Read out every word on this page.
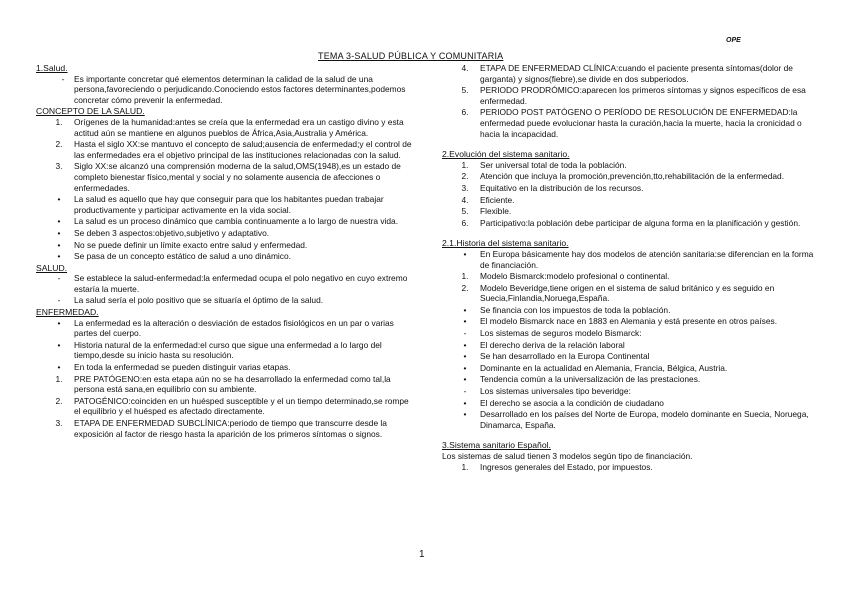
OPE
TEMA 3-SALUD PÚBLICA Y COMUNITARIA
1.Salud.
-	Es importante concretar qué elementos determinan la calidad de la salud de una persona,favoreciendo o perjudicando.Conociendo estos factores determinantes,podemos concretar cómo prevenir la enfermedad.
CONCEPTO DE LA SALUD.
1.	Orígenes de la humanidad:antes se creía que la enfermedad era un castigo divino y esta actitud aún se mantiene en algunos pueblos de África,Asia,Australia y América.
2.	Hasta el siglo XX:se mantuvo el concepto de salud;ausencia de enfermedad;y el control de las enfermedades era el objetivo principal de las instituciones relacionadas con la salud.
3.	Siglo XX:se alcanzó una comprensión moderna de la salud,OMS(1948),es un estado de completo bienestar físico,mental y social y no solamente ausencia de afecciones o enfermedades.
•	La salud es aquello que hay que conseguir para que los habitantes puedan trabajar productivamente y participar activamente en la vida social.
•	La salud es un proceso dinámico que cambia continuamente a lo largo de nuestra vida.
•	Se deben 3 aspectos:objetivo,subjetivo y adaptativo.
•	No se puede definir un límite exacto entre salud y enfermedad.
•	Se pasa de un concepto estático de salud a uno dinámico.
SALUD.
-	Se establece la salud-enfermedad:la enfermedad ocupa el polo negativo en cuyo extremo estaría la muerte.
-	La salud sería el polo positivo que se situaría el óptimo de la salud.
ENFERMEDAD.
•	La enfermedad es la alteración o desviación de estados fisiológicos en un par o varias partes del cuerpo.
•	Historia natural de la enfermedad:el curso que sigue una enfermedad a lo largo del tiempo,desde su inicio hasta su resolución.
•	En toda la enfermedad se pueden distinguir varias etapas.
1.	PRE PATÓGENO:en esta etapa aún no se ha desarrollado la enfermedad como tal,la persona está sana,en equilibrio con su ambiente.
2.	PATOGÉNICO:coinciden en un huésped susceptible y el un tiempo determinado,se rompe el equilibrio y el huésped es afectado directamente.
3.	ETAPA DE ENFERMEDAD SUBCLÍNICA:periodo de tiempo que transcurre desde la exposición al factor de riesgo hasta la aparición de los primeros síntomas o signos.
4.	ETAPA DE ENFERMEDAD CLÍNICA:cuando el paciente presenta síntomas(dolor de garganta) y signos(fiebre),se divide en dos subperiodos.
5.	PERIODO PRODRÓMICO:aparecen los primeros síntomas y signos específicos de esa enfermedad.
6.	PERIODO POST PATÓGENO O PERÍODO DE RESOLUCIÓN DE ENFERMEDAD:la enfermedad puede evolucionar hasta la curación,hacia la muerte, hacia la cronicidad o hacia la incapacidad.
2.Evolución del sistema sanitario.
1.	Ser universal total de toda la población.
2.	Atención que incluya la promoción,prevención,tto,rehabilitación de la enfermedad.
3.	Equitativo en la distribución de los recursos.
4.	Eficiente.
5.	Flexible.
6.	Participativo:la población debe participar de alguna forma en la planificación y gestión.
2.1.Historia del sistema sanitario.
•	En Europa básicamente hay dos modelos de atención sanitaria:se diferencian en la forma de financiación.
1.	Modelo Bismarck:modelo profesional o continental.
2.	Modelo Beveridge,tiene origen en el sistema de salud británico y es seguido en Suecia,Finlandia,Noruega,España.
•	Se financia con los impuestos de toda la población.
•	El modelo Bismarck nace en 1883 en Alemania y está presente en otros países.
-	Los sistemas de seguros modelo Bismarck:
•	El derecho deriva de la relación laboral
•	Se han desarrollado en la Europa Continental
•	Dominante en la actualidad en Alemania, Francia, Bélgica, Austria.
•	Tendencia común a la universalización de las prestaciones.
-	Los sistemas universales tipo beveridge:
•	El derecho se asocia a la condición de ciudadano
•	Desarrollado en los países del Norte de Europa, modelo dominante en Suecia, Noruega, Dinamarca, España.
3.Sistema sanitario Español.
Los sistemas de salud tienen 3 modelos según tipo de financiación.
1.	Ingresos generales del Estado, por impuestos.
1
